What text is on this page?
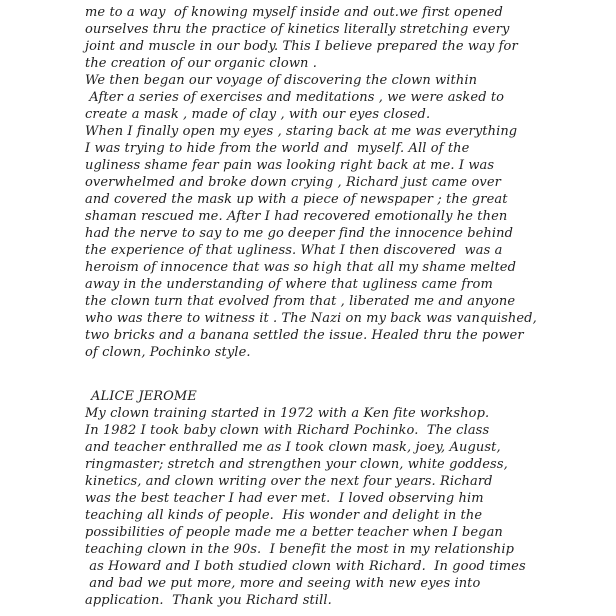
me to a way  of knowing myself inside and out.we first opened
ourselves thru the practice of kinetics literally stretching every
joint and muscle in our body. This I believe prepared the way for
the creation of our organic clown .
We then began our voyage of discovering the clown within
After a series of exercises and meditations , we were asked to
create a mask , made of clay , with our eyes closed.
When I finally open my eyes , staring back at me was everything
I was trying to hide from the world and  myself. All of the
ugliness shame fear pain was looking right back at me. I was
overwhelmed and broke down crying , Richard just came over
and covered the mask up with a piece of newspaper ; the great
shaman rescued me. After I had recovered emotionally he then
had the nerve to say to me go deeper find the innocence behind
the experience of that ugliness. What I then discovered  was a
heroism of innocence that was so high that all my shame melted
away in the understanding of where that ugliness came from
the clown turn that evolved from that , liberated me and anyone
who was there to witness it . The Nazi on my back was vanquished,
two bricks and a banana settled the issue. Healed thru the power
of clown, Pochinko style.
ALICE JEROME
My clown training started in 1972 with a Ken fite workshop.
In 1982 I took baby clown with Richard Pochinko.  The class
and teacher enthralled me as I took clown mask, joey, August,
ringmaster; stretch and strengthen your clown, white goddess,
kinetics, and clown writing over the next four years. Richard
was the best teacher I had ever met.  I loved observing him
teaching all kinds of people.  His wonder and delight in the
possibilities of people made me a better teacher when I began
teaching clown in the 90s.  I benefit the most in my relationship
as Howard and I both studied clown with Richard.  In good times
and bad we put more, more and seeing with new eyes into
application.  Thank you Richard still.
